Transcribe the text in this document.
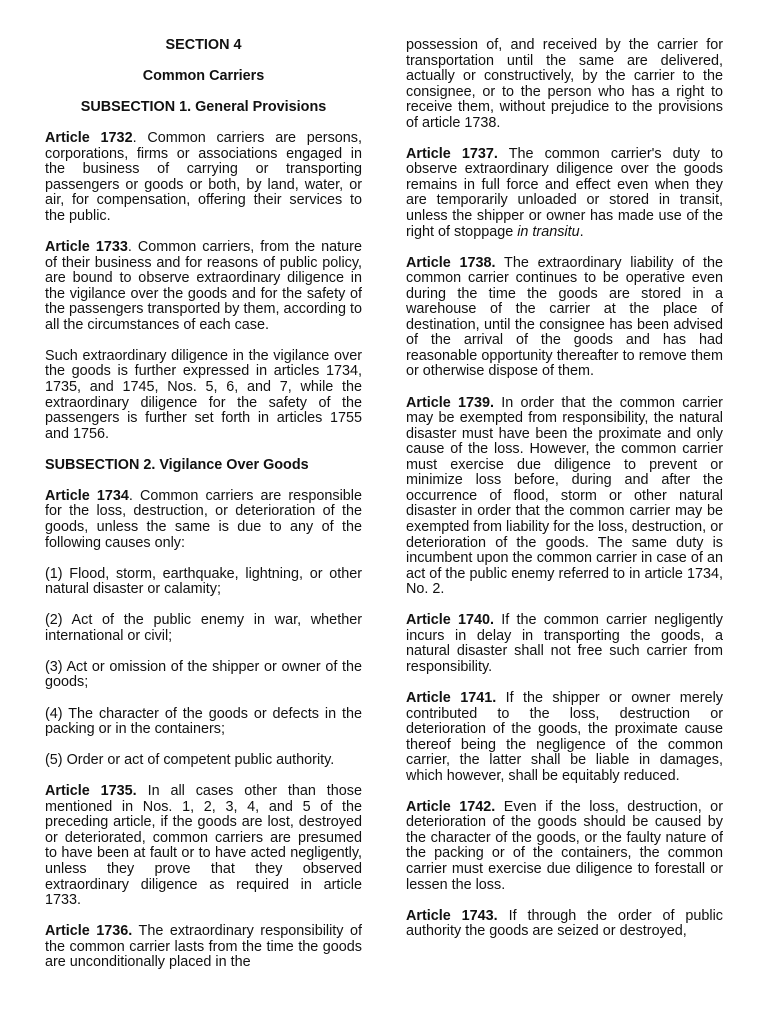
SECTION 4

Common Carriers

SUBSECTION 1. General Provisions

Article 1732. Common carriers are persons, corporations, firms or associations engaged in the business of carrying or transporting passengers or goods or both, by land, water, or air, for compensation, offering their services to the public.

Article 1733. Common carriers, from the nature of their business and for reasons of public policy, are bound to observe extraordinary diligence in the vigilance over the goods and for the safety of the passengers transported by them, according to all the circumstances of each case.

Such extraordinary diligence in the vigilance over the goods is further expressed in articles 1734, 1735, and 1745, Nos. 5, 6, and 7, while the extraordinary diligence for the safety of the passengers is further set forth in articles 1755 and 1756.

SUBSECTION 2. Vigilance Over Goods

Article 1734. Common carriers are responsible for the loss, destruction, or deterioration of the goods, unless the same is due to any of the following causes only:

(1) Flood, storm, earthquake, lightning, or other natural disaster or calamity;

(2) Act of the public enemy in war, whether international or civil;

(3) Act or omission of the shipper or owner of the goods;

(4) The character of the goods or defects in the packing or in the containers;

(5) Order or act of competent public authority.

Article 1735. In all cases other than those mentioned in Nos. 1, 2, 3, 4, and 5 of the preceding article, if the goods are lost, destroyed or deteriorated, common carriers are presumed to have been at fault or to have acted negligently, unless they prove that they observed extraordinary diligence as required in article 1733.

Article 1736. The extraordinary responsibility of the common carrier lasts from the time the goods are unconditionally placed in the

possession of, and received by the carrier for transportation until the same are delivered, actually or constructively, by the carrier to the consignee, or to the person who has a right to receive them, without prejudice to the provisions of article 1738.

Article 1737. The common carrier's duty to observe extraordinary diligence over the goods remains in full force and effect even when they are temporarily unloaded or stored in transit, unless the shipper or owner has made use of the right of stoppage in transitu.

Article 1738. The extraordinary liability of the common carrier continues to be operative even during the time the goods are stored in a warehouse of the carrier at the place of destination, until the consignee has been advised of the arrival of the goods and has had reasonable opportunity thereafter to remove them or otherwise dispose of them.

Article 1739. In order that the common carrier may be exempted from responsibility, the natural disaster must have been the proximate and only cause of the loss. However, the common carrier must exercise due diligence to prevent or minimize loss before, during and after the occurrence of flood, storm or other natural disaster in order that the common carrier may be exempted from liability for the loss, destruction, or deterioration of the goods. The same duty is incumbent upon the common carrier in case of an act of the public enemy referred to in article 1734, No. 2.

Article 1740. If the common carrier negligently incurs in delay in transporting the goods, a natural disaster shall not free such carrier from responsibility.

Article 1741. If the shipper or owner merely contributed to the loss, destruction or deterioration of the goods, the proximate cause thereof being the negligence of the common carrier, the latter shall be liable in damages, which however, shall be equitably reduced.

Article 1742. Even if the loss, destruction, or deterioration of the goods should be caused by the character of the goods, or the faulty nature of the packing or of the containers, the common carrier must exercise due diligence to forestall or lessen the loss.

Article 1743. If through the order of public authority the goods are seized or destroyed,
